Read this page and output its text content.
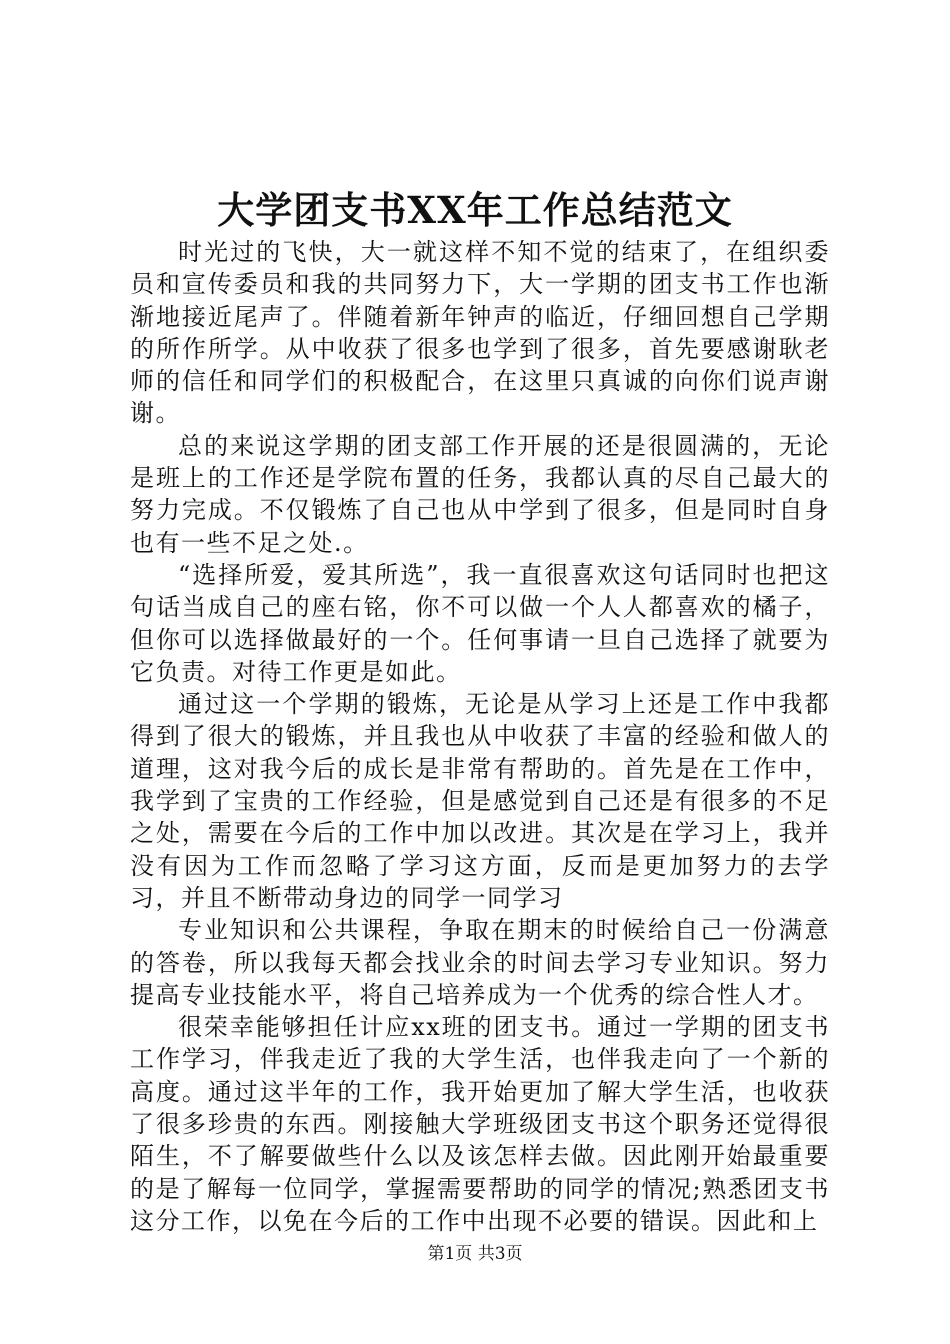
大学团支书XX年工作总结范文

时光过的飞快，大一就这样不知不觉的结束了，在组织委员和宣传委员和我的共同努力下，大一学期的团支书工作也渐渐地接近尾声了。伴随着新年钟声的临近，仔细回想自己学期的所作所学。从中收获了很多也学到了很多，首先要感谢耿老师的信任和同学们的积极配合，在这里只真诚的向你们说声谢谢。

总的来说这学期的团支部工作开展的还是很圆满的，无论是班上的工作还是学院布置的任务，我都认真的尽自己最大的努力完成。不仅锻炼了自己也从中学到了很多，但是同时自身也有一些不足之处.。

“选择所爱，爱其所选”，我一直很喜欢这句话同时也把这句话当成自己的座右铭，你不可以做一个人人都喜欢的橘子，但你可以选择做最好的一个。任何事请一旦自己选择了就要为它负责。对待工作更是如此。

通过这一个学期的锻炼，无论是从学习上还是工作中我都得到了很大的锻炼，并且我也从中收获了丰富的经验和做人的道理，这对我今后的成长是非常有帮助的。首先是在工作中，我学到了宝贵的工作经验，但是感觉到自己还是有很多的不足之处，需要在今后的工作中加以改进。其次是在学习上，我并没有因为工作而忽略了学习这方面，反而是更加努力的去学习，并且不断带动身边的同学一同学习

专业知识和公共课程，争取在期末的时候给自己一份满意的答卷，所以我每天都会找业余的时间去学习专业知识。努力提高专业技能水平，将自己培养成为一个优秀的综合性人才。

很荣幸能够担任计应xx班的团支书。通过一学期的团支书工作学习，伴我走近了我的大学生活，也伴我走向了一个新的高度。通过这半年的工作，我开始更加了解大学生活，也收获了很多珍贵的东西。刚接触大学班级团支书这个职务还觉得很陌生，不了解要做些什么以及该怎样去做。因此刚开始最重要的是了解每一位同学，掌握需要帮助的同学的情况;熟悉团支书这分工作，以免在今后的工作中出现不必要的错误。因此和上

第1页 共3页
